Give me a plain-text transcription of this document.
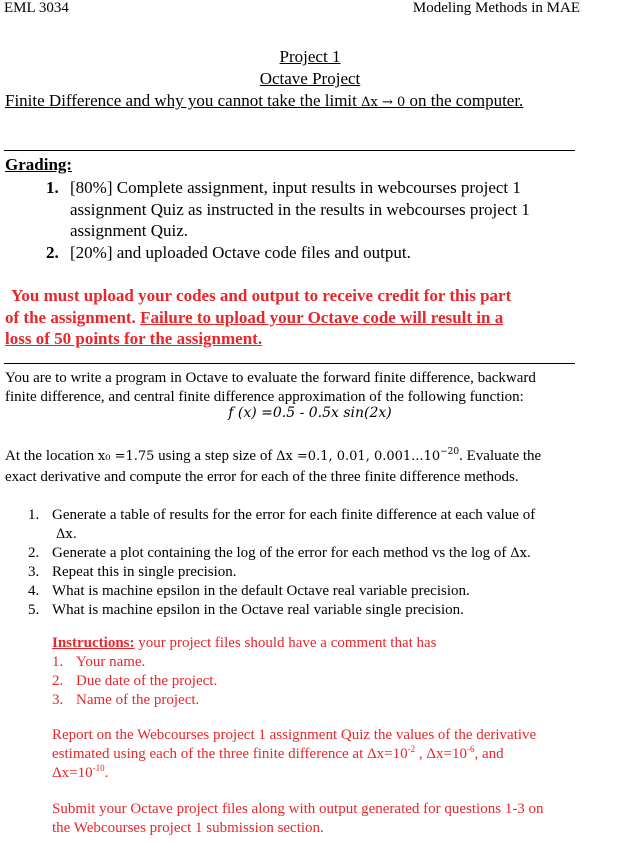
EML 3034	Modeling Methods in MAE
Project 1
Octave Project
Finite Difference and why you cannot take the limit Δx → 0 on the computer.
Grading:
1. [80%] Complete assignment, input results in webcourses project 1
assignment Quiz as instructed in the results in webcourses project 1
assignment Quiz.
2. [20%] and uploaded Octave code files and output.
You must upload your codes and output to receive credit for this part
of the assignment. Failure to upload your Octave code will result in a
loss of 50 points for the assignment.
You are to write a program in Octave to evaluate the forward finite difference, backward
finite difference, and central finite difference approximation of the following function:
f (x) =0.5 - 0.5x sin(2x)
At the location x₀ =1.75 using a step size of Δx =0.1, 0.01, $0.001...10^{-20}$. Evaluate the
exact derivative and compute the error for each of the three finite difference methods.
1. Generate a table of results for the error for each finite difference at each value of
Δx.
2. Generate a plot containing the log of the error for each method vs the log of Δx.
3. Repeat this in single precision.
4. What is machine epsilon in the default Octave real variable precision.
5. What is machine epsilon in the Octave real variable single precision.
Instructions: your project files should have a comment that has
1. Your name.
2. Due date of the project.
3. Name of the project.
Report on the Webcourses project 1 assignment Quiz the values of the derivative
estimated using each of the three finite difference at $\Delta x=10^{-2}$ , $\Delta x=10^{-6}$, and
$\Delta x=10^{-10}$.
Submit your Octave project files along with output generated for questions 1-3 on
the Webcourses project 1 submission section.
